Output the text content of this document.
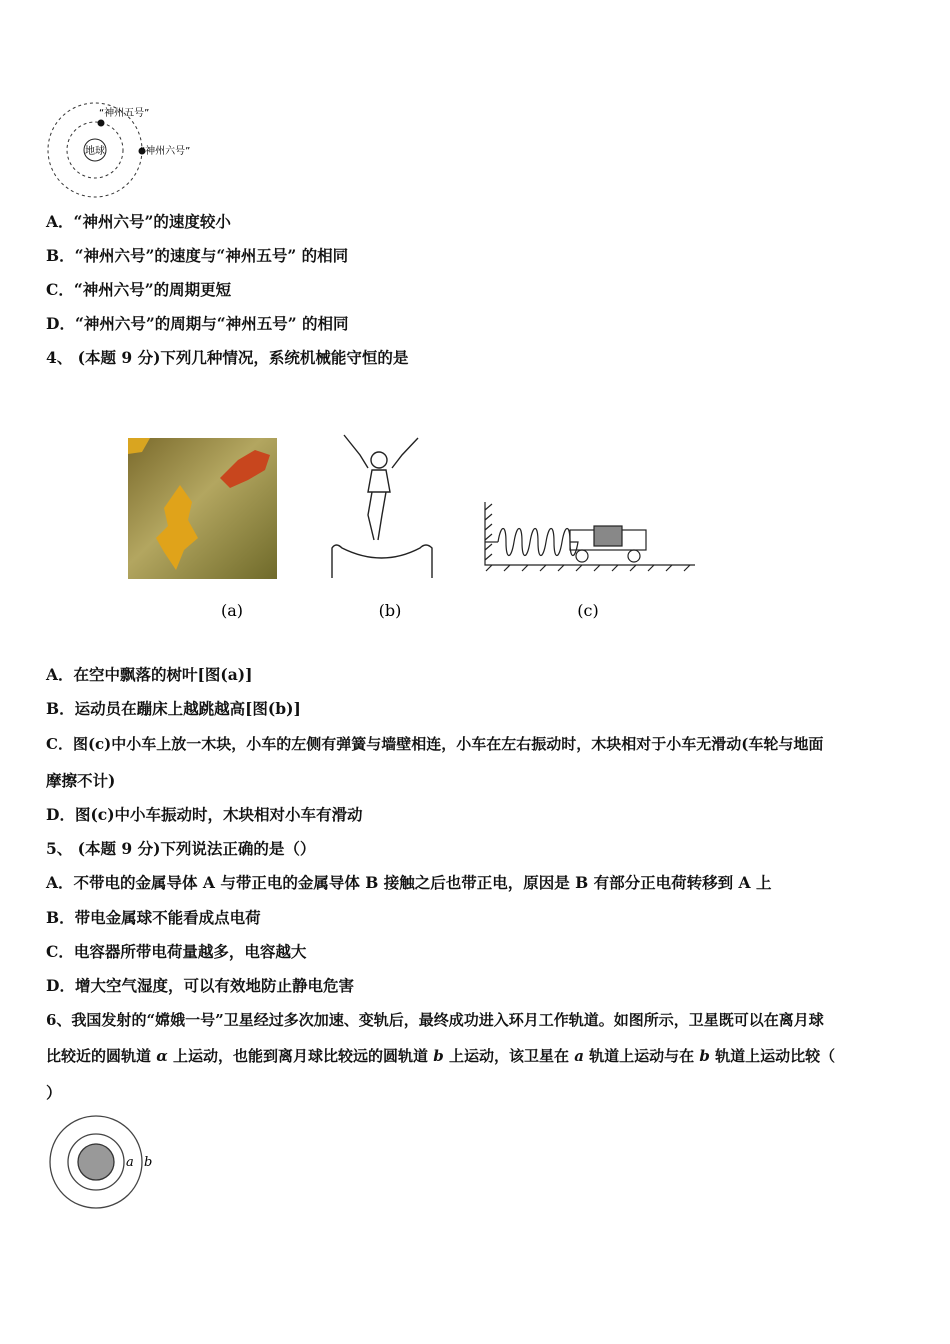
地球
“神州五号”
“神州六号”
A．“神州六号”的速度较小
B．“神州六号”的速度与“神州五号” 的相同
C．“神州六号”的周期更短
D．“神州六号”的周期与“神州五号” 的相同
4、 (本题 9 分)下列几种情况，系统机械能守恒的是
(a)	(b)	(c)
A．在空中飘落的树叶[图(a)]
B．运动员在蹦床上越跳越高[图(b)]
C．图(c)中小车上放一木块，小车的左侧有弹簧与墙壁相连，小车在左右振动时，木块相对于小车无滑动(车轮与地面
摩擦不计)
D．图(c)中小车振动时，木块相对小车有滑动
5、 (本题 9 分)下列说法正确的是（）
A．不带电的金属导体 A 与带正电的金属导体 B 接触之后也带正电，原因是 B 有部分正电荷转移到 A 上
B．带电金属球不能看成点电荷
C．电容器所带电荷量越多，电容越大
D．增大空气湿度，可以有效地防止静电危害
6、我国发射的“嫦娥一号”卫星经过多次加速、变轨后，最终成功进入环月工作轨道。如图所示，卫星既可以在离月球
比较近的圆轨道 α 上运动，也能到离月球比较远的圆轨道 b 上运动，该卫星在 a 轨道上运动与在 b 轨道上运动比较（
）
a b
